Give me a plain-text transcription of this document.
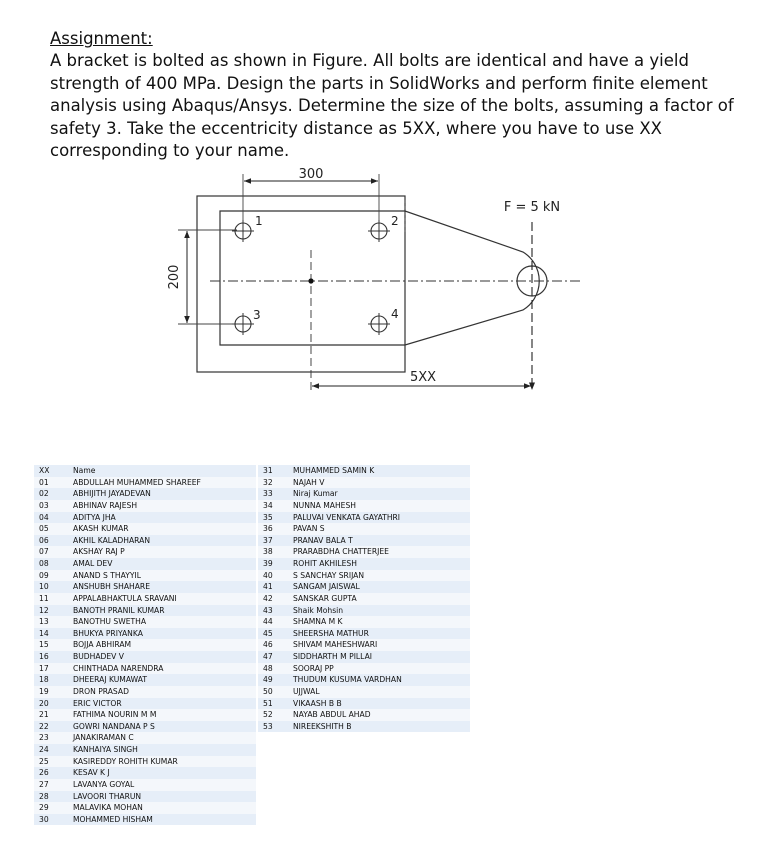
Assignment:

A bracket is bolted as shown in Figure. All bolts are identical and have a yield strength of 400 MPa. Design the parts in SolidWorks and perform finite element analysis using Abaqus/Ansys. Determine the size of the bolts, assuming a factor of safety 3. Take the eccentricity distance as 5XX, where you have to use XX corresponding to your name.

300
200
1	2
3	4
F = 5 kN
5XX
XX	Name
01	ABDULLAH MUHAMMED SHAREEF
02	ABHIJITH JAYADEVAN
03	ABHINAV RAJESH
04	ADITYA JHA
05	AKASH KUMAR
06	AKHIL KALADHARAN
07	AKSHAY RAJ P
08	AMAL DEV
09	ANAND S THAYYIL
10	ANSHUBH SHAHARE
11	APPALABHAKTULA SRAVANI
12	BANOTH PRANIL KUMAR
13	BANOTHU SWETHA
14	BHUKYA PRIYANKA
15	BOJJA ABHIRAM
16	BUDHADEV V
17	CHINTHADA NARENDRA
18	DHEERAJ KUMAWAT
19	DRON PRASAD
20	ERIC VICTOR
21	FATHIMA NOURIN M M
22	GOWRI NANDANA P S
23	JANAKIRAMAN C
24	KANHAIYA SINGH
25	KASIREDDY ROHITH KUMAR
26	KESAV K J
27	LAVANYA GOYAL
28	LAVOORI THARUN
29	MALAVIKA MOHAN
30	MOHAMMED HISHAM
31	MUHAMMED SAMIN K
32	NAJAH V
33	Niraj Kumar
34	NUNNA MAHESH
35	PALUVAI VENKATA GAYATHRI
36	PAVAN S
37	PRANAV BALA T
38	PRARABDHA CHATTERJEE
39	ROHIT AKHILESH
40	S SANCHAY SRIJAN
41	SANGAM JAISWAL
42	SANSKAR GUPTA
43	Shaik Mohsin
44	SHAMNA M K
45	SHEERSHA MATHUR
46	SHIVAM MAHESHWARI
47	SIDDHARTH M PILLAI
48	SOORAJ PP
49	THUDUM KUSUMA VARDHAN
50	UJJWAL
51	VIKAASH B B
52	NAYAB ABDUL AHAD
53	NIREEKSHITH B
